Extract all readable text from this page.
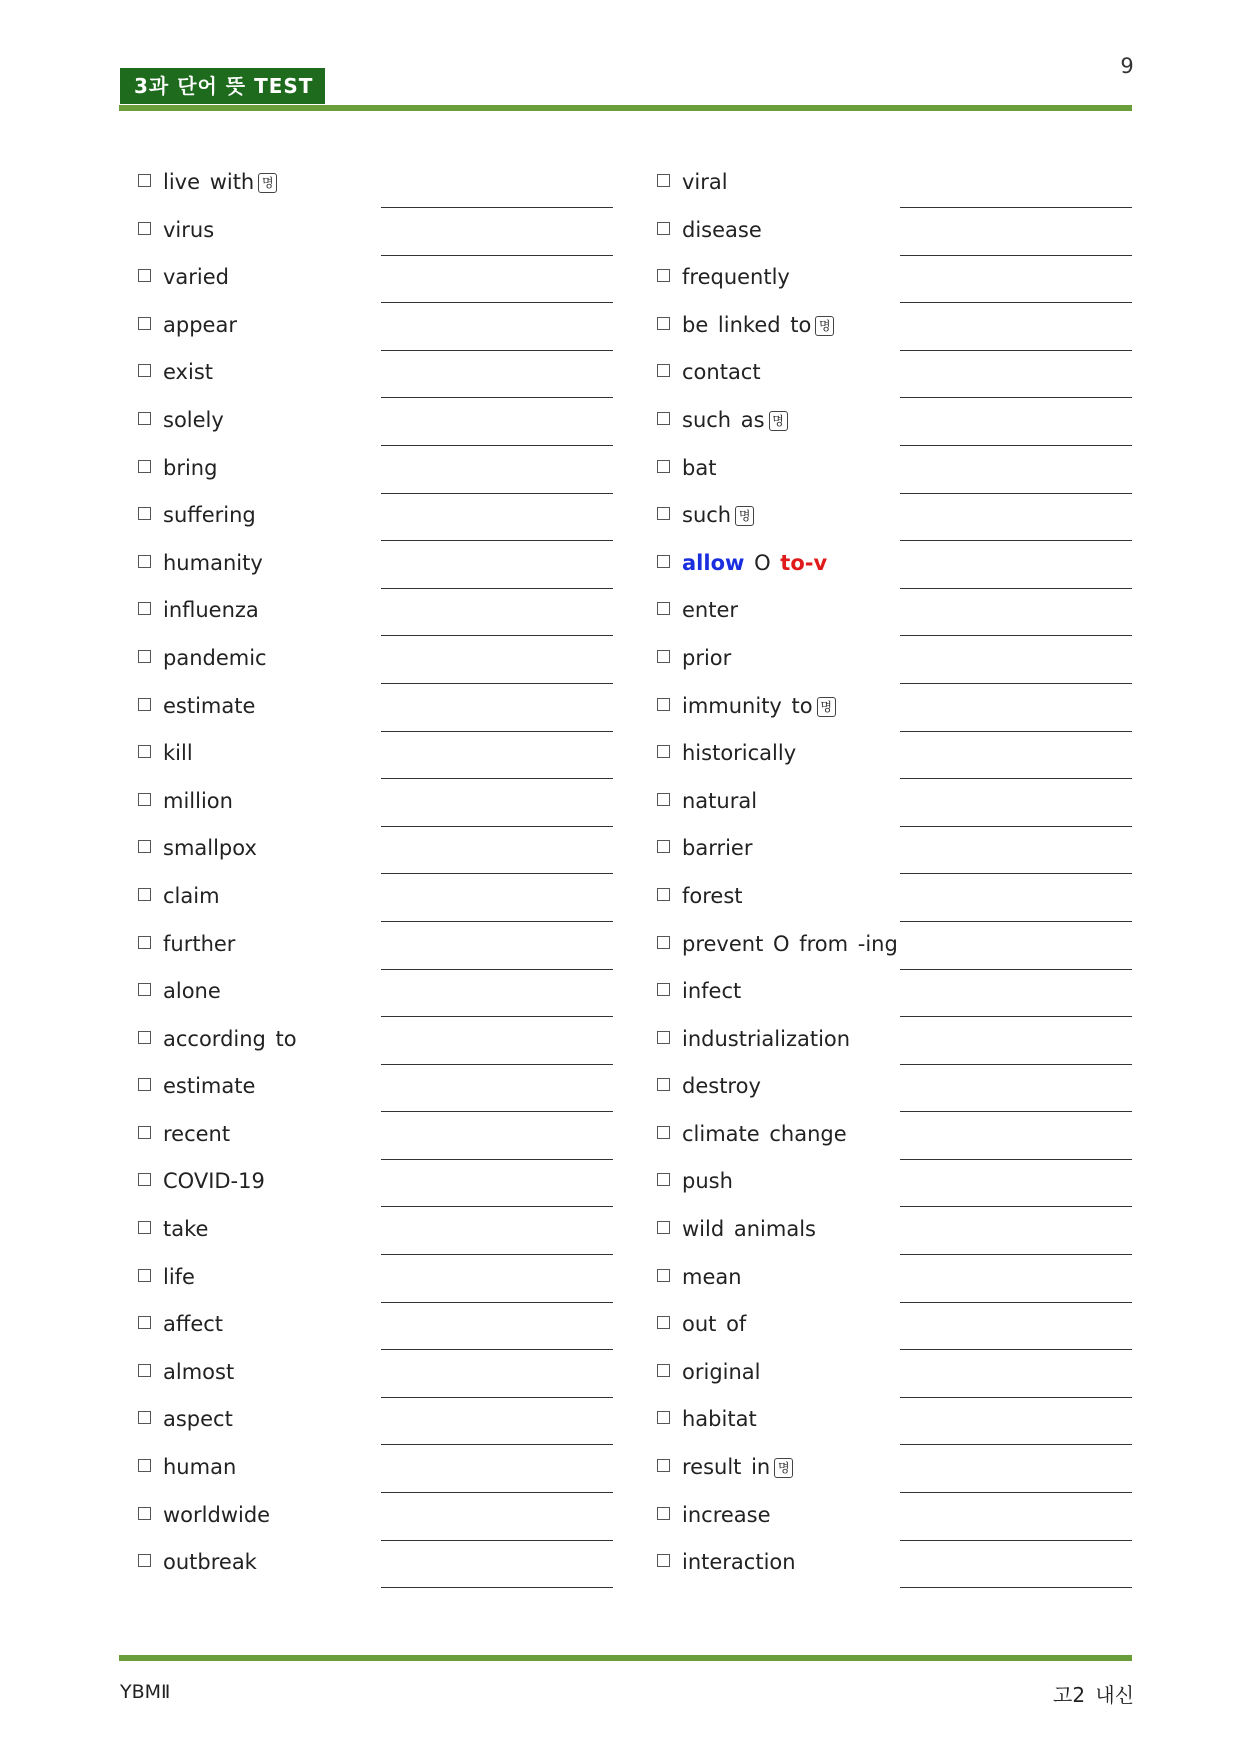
9
3과 단어 뜻 TEST
live with 명
virus
varied
appear
exist
solely
bring
suffering
humanity
influenza
pandemic
estimate
kill
million
smallpox
claim
further
alone
according to
estimate
recent
COVID-19
take
life
affect
almost
aspect
human
worldwide
outbreak
viral
disease
frequently
be linked to 명
contact
such as 명
bat
such 명
allow O to-v
enter
prior
immunity to 명
historically
natural
barrier
forest
prevent O from -ing
infect
industrialization
destroy
climate change
push
wild animals
mean
out of
original
habitat
result in 명
increase
interaction
YBMⅡ	고2 내신
